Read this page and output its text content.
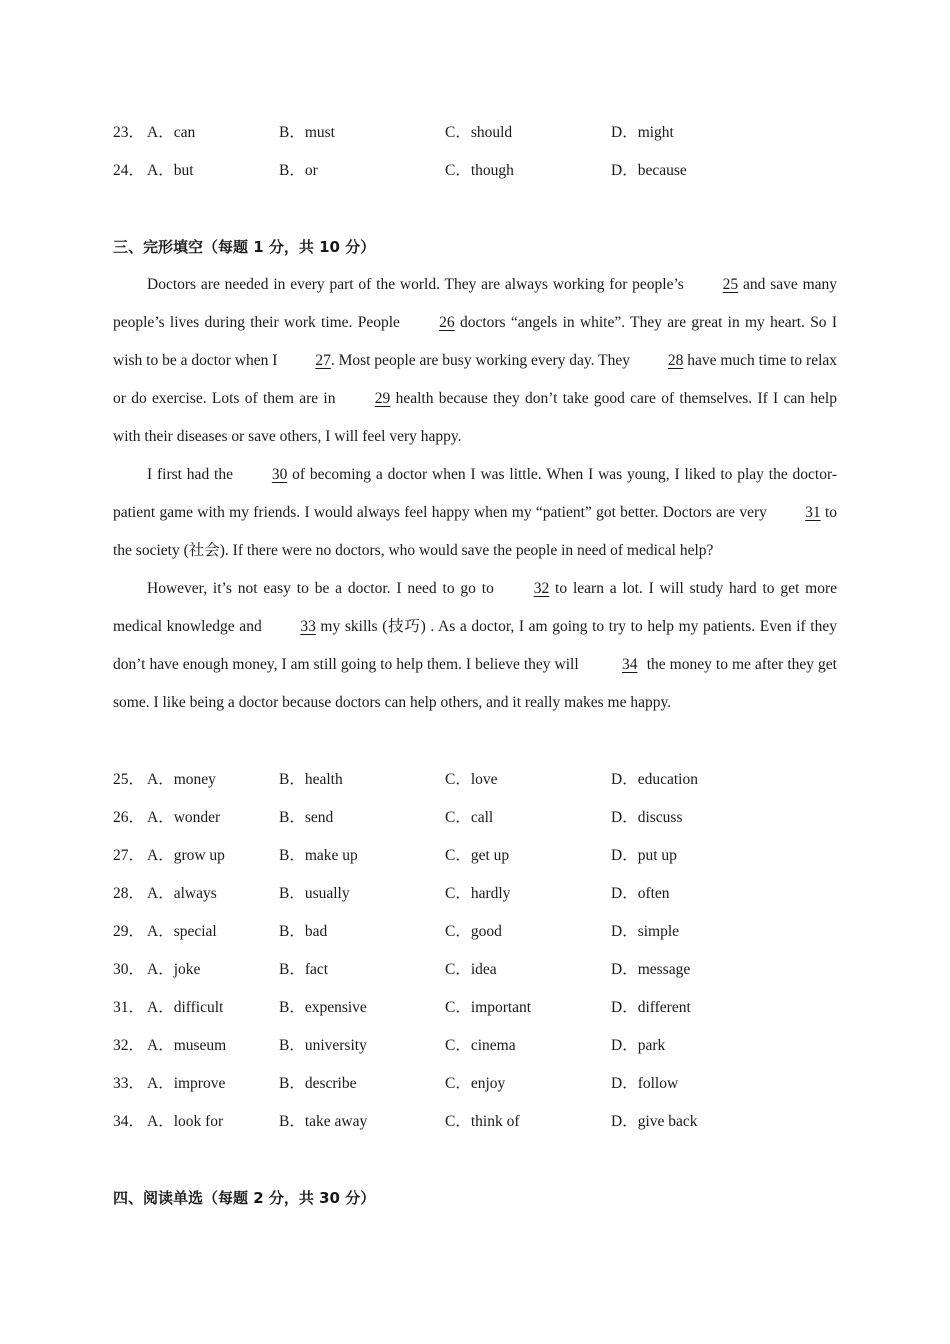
23． A．can	B．must	C．should	D．might
24． A．but	B．or	C．though	D．because
三、完形填空（每题 1 分，共 10 分）

Doctors are needed in every part of the world. They are always working for people’s 25 and save many people’s lives during their work time. People 26 doctors “angels in white”. They are great in my heart. So I wish to be a doctor when I 27. Most people are busy working every day. They 28 have much time to relax or do exercise. Lots of them are in 29 health because they don’t take good care of themselves. If I can help with their diseases or save others, I will feel very happy.

I first had the 30 of becoming a doctor when I was little. When I was young, I liked to play the doctor-patient game with my friends. I would always feel happy when my “patient” got better. Doctors are very 31 to the society (社会). If there were no doctors, who would save the people in need of medical help?

However, it’s not easy to be a doctor. I need to go to 32 to learn a lot. I will study hard to get more medical knowledge and 33 my skills (技巧) . As a doctor, I am going to try to help my patients. Even if they don’t have enough money, I am still going to help them. I believe they will	34 the money to me after they get some. I like being a doctor because doctors can help others, and it really makes me happy.

25． A．money	B．health	C．love	D．education
26． A．wonder	B．send	C．call	D．discuss
27． A．grow up	B．make up	C．get up	D．put up
28． A．always	B．usually	C．hardly	D．often
29． A．special	B．bad	C．good	D．simple
30． A．joke	B．fact	C．idea	D．message
31． A．difficult	B．expensive	C．important	D．different
32． A．museum	B．university	C．cinema	D．park
33． A．improve	B．describe	C．enjoy	D．follow
34． A．look for	B．take away	C．think of	D．give back
四、阅读单选（每题 2 分，共 30 分）
